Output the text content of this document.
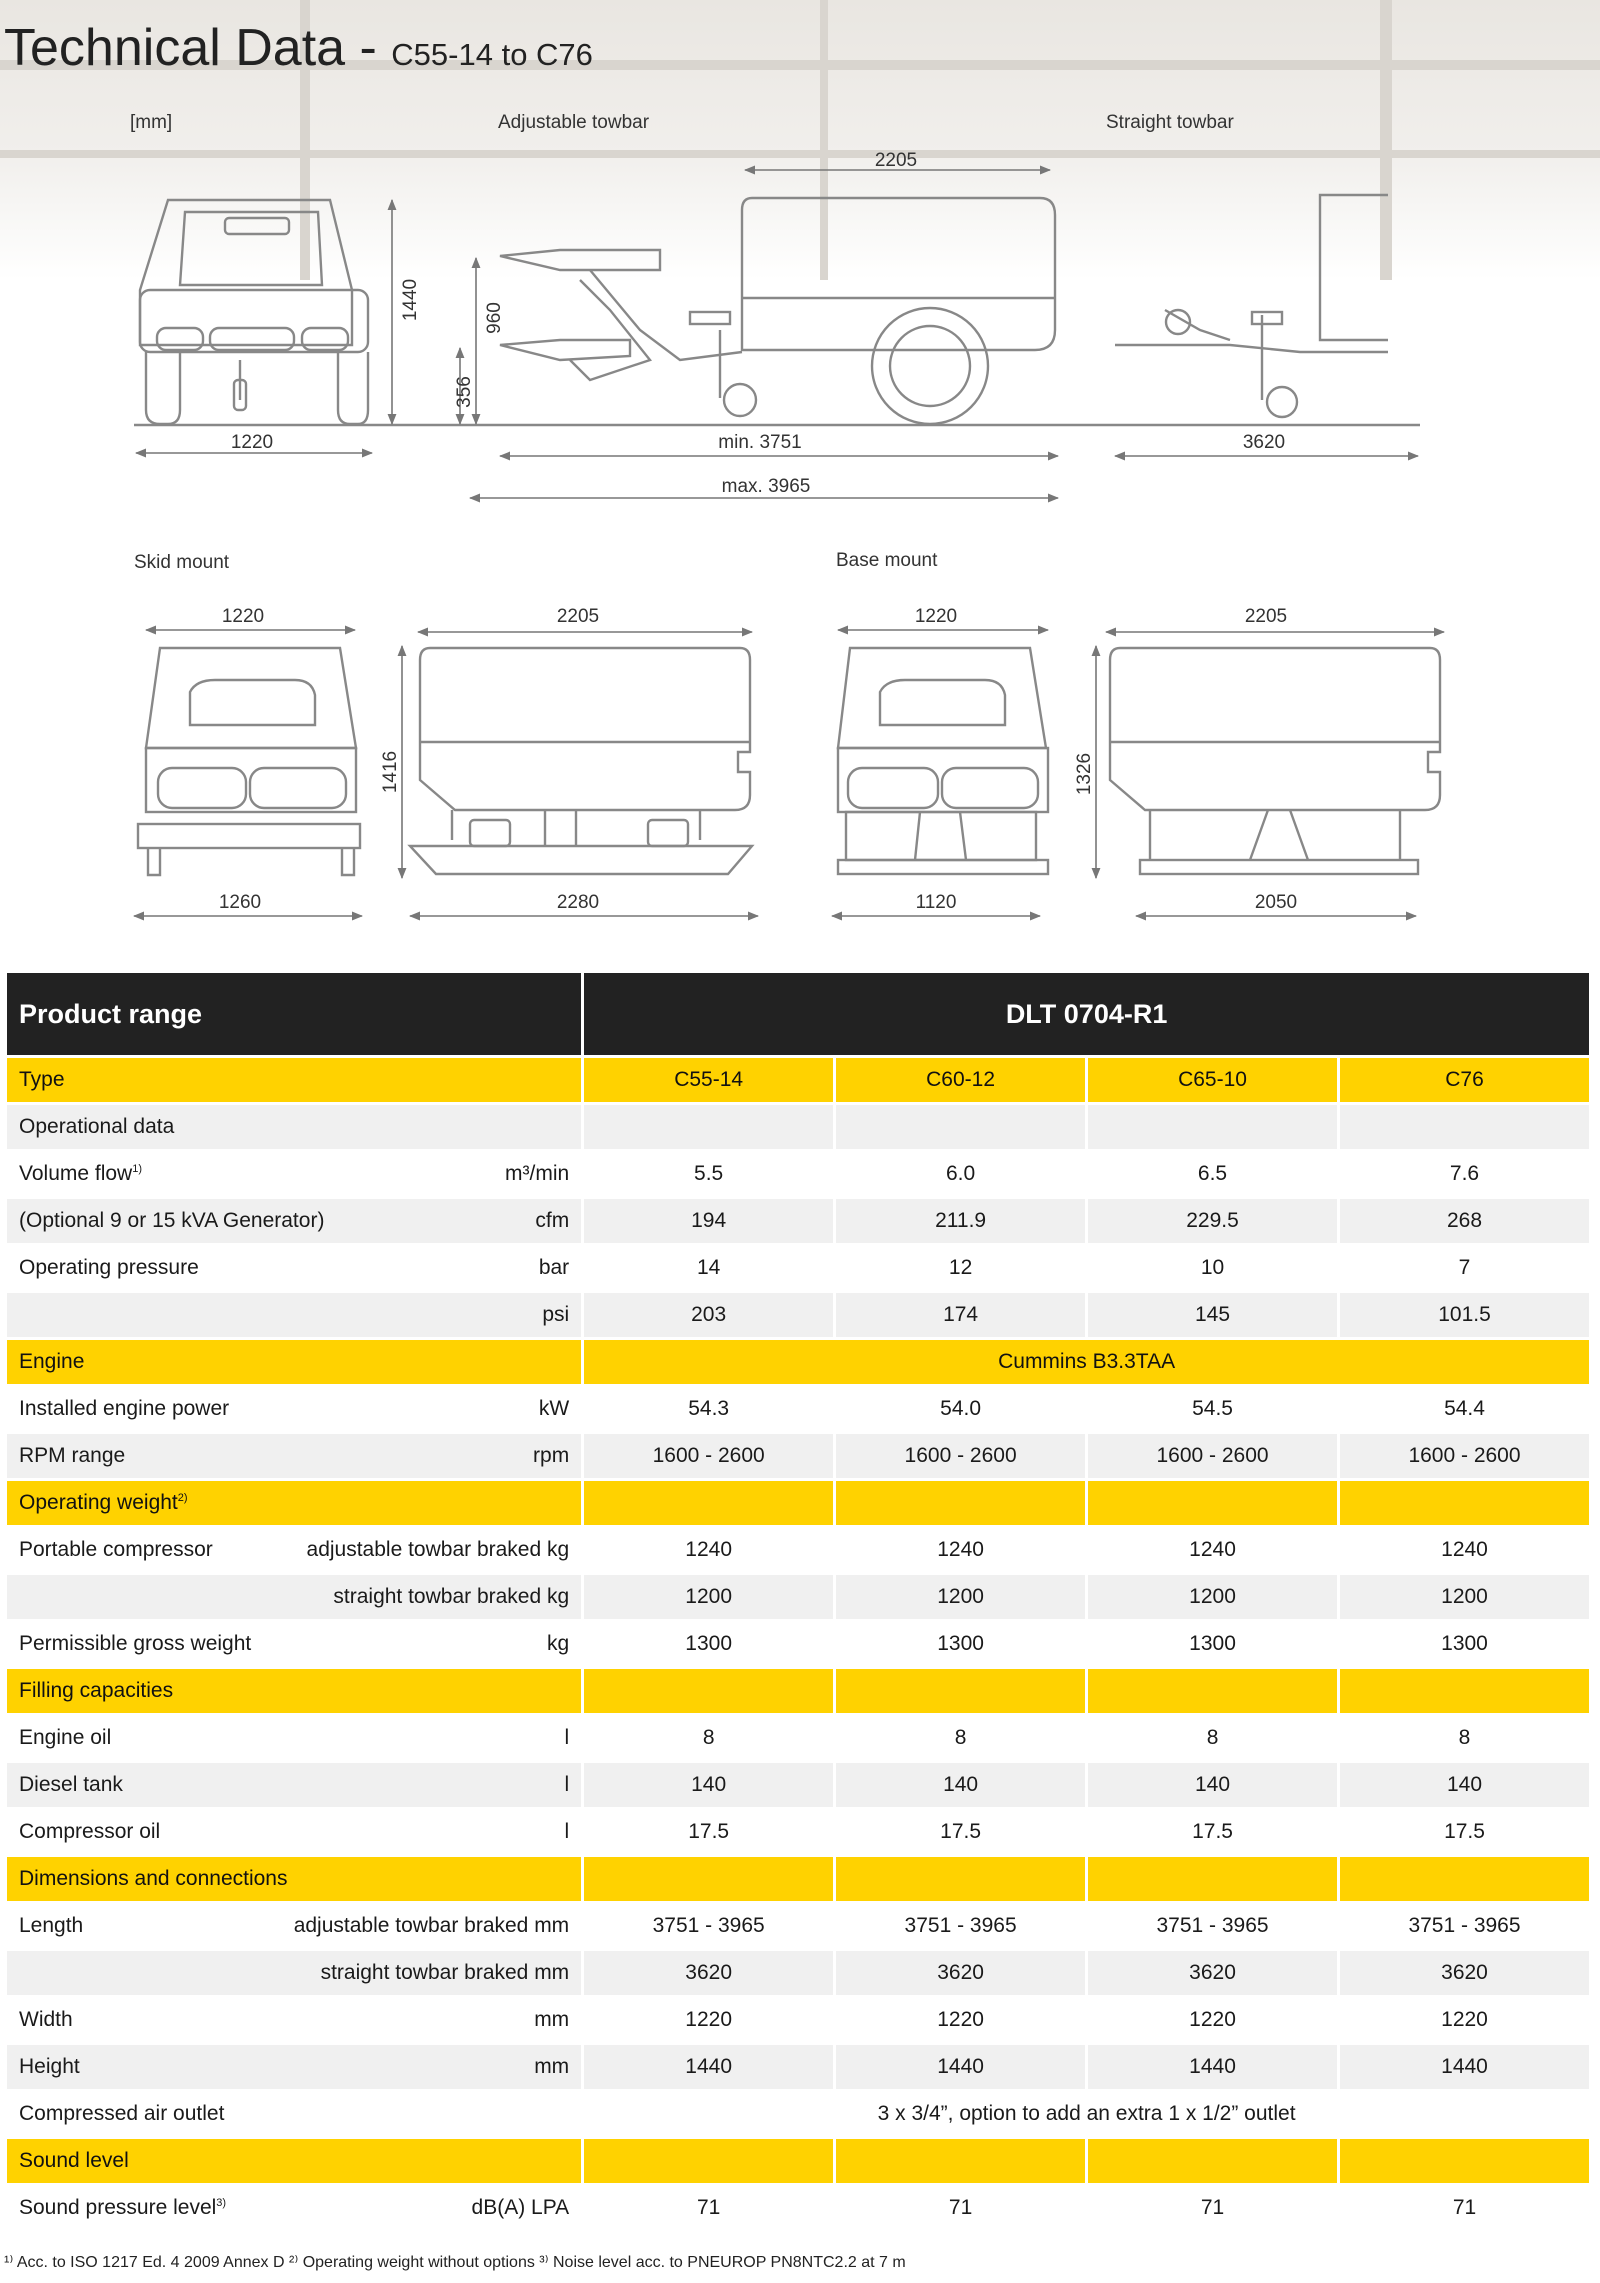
Technical Data - C55-14 to C76
[mm]	Adjustable towbar	Straight towbar
Skid mount	Base mount
1440
1220
2205
960
356
min. 3751
max. 3965
3620
1220
1260
2205
1416
2280
1220
1120
2205
1326
2050
Product range	DLT 0704-R1			
Type	C55-14	C60-12	C65-10	C76
Operational data				

Volume flow$^{1)}$ m³/min	5.5	6.0	6.5	7.6

(Optional 9 or 15 kVA Generator) cfm	194	211.9	229.5	268

Operating pressure bar	14	12	10	7

psi	203	174	145	101.5
Engine	Cummins B3.3TAA			

Installed engine power kW	54.3	54.0	54.5	54.4

RPM range rpm	1600 - 2600	1600 - 2600	1600 - 2600	1600 - 2600
Operating weight$^{2)}$				

Portable compressor adjustable towbar braked kg	1240	1240	1240	1240

straight towbar braked kg	1200	1200	1200	1200

Permissible gross weight kg	1300	1300	1300	1300
Filling capacities				

Engine oil l	8	8	8	8

Diesel tank l	140	140	140	140

Compressor oil l	17.5	17.5	17.5	17.5
Dimensions and connections				

Length adjustable towbar braked mm	3751 - 3965	3751 - 3965	3751 - 3965	3751 - 3965

straight towbar braked mm	3620	3620	3620	3620

Width mm	1220	1220	1220	1220

Height mm	1440	1440	1440	1440
Compressed air outlet	3 x 3/4”, option to add an extra 1 x 1/2” outlet			
Sound level				

Sound pressure level$^{3)}$ dB(A) LPA	71	71	71	71
¹⁾ Acc. to ISO 1217 Ed. 4 2009 Annex D ²⁾ Operating weight without options ³⁾ Noise level acc. to PNEUROP PN8NTC2.2 at 7 m
